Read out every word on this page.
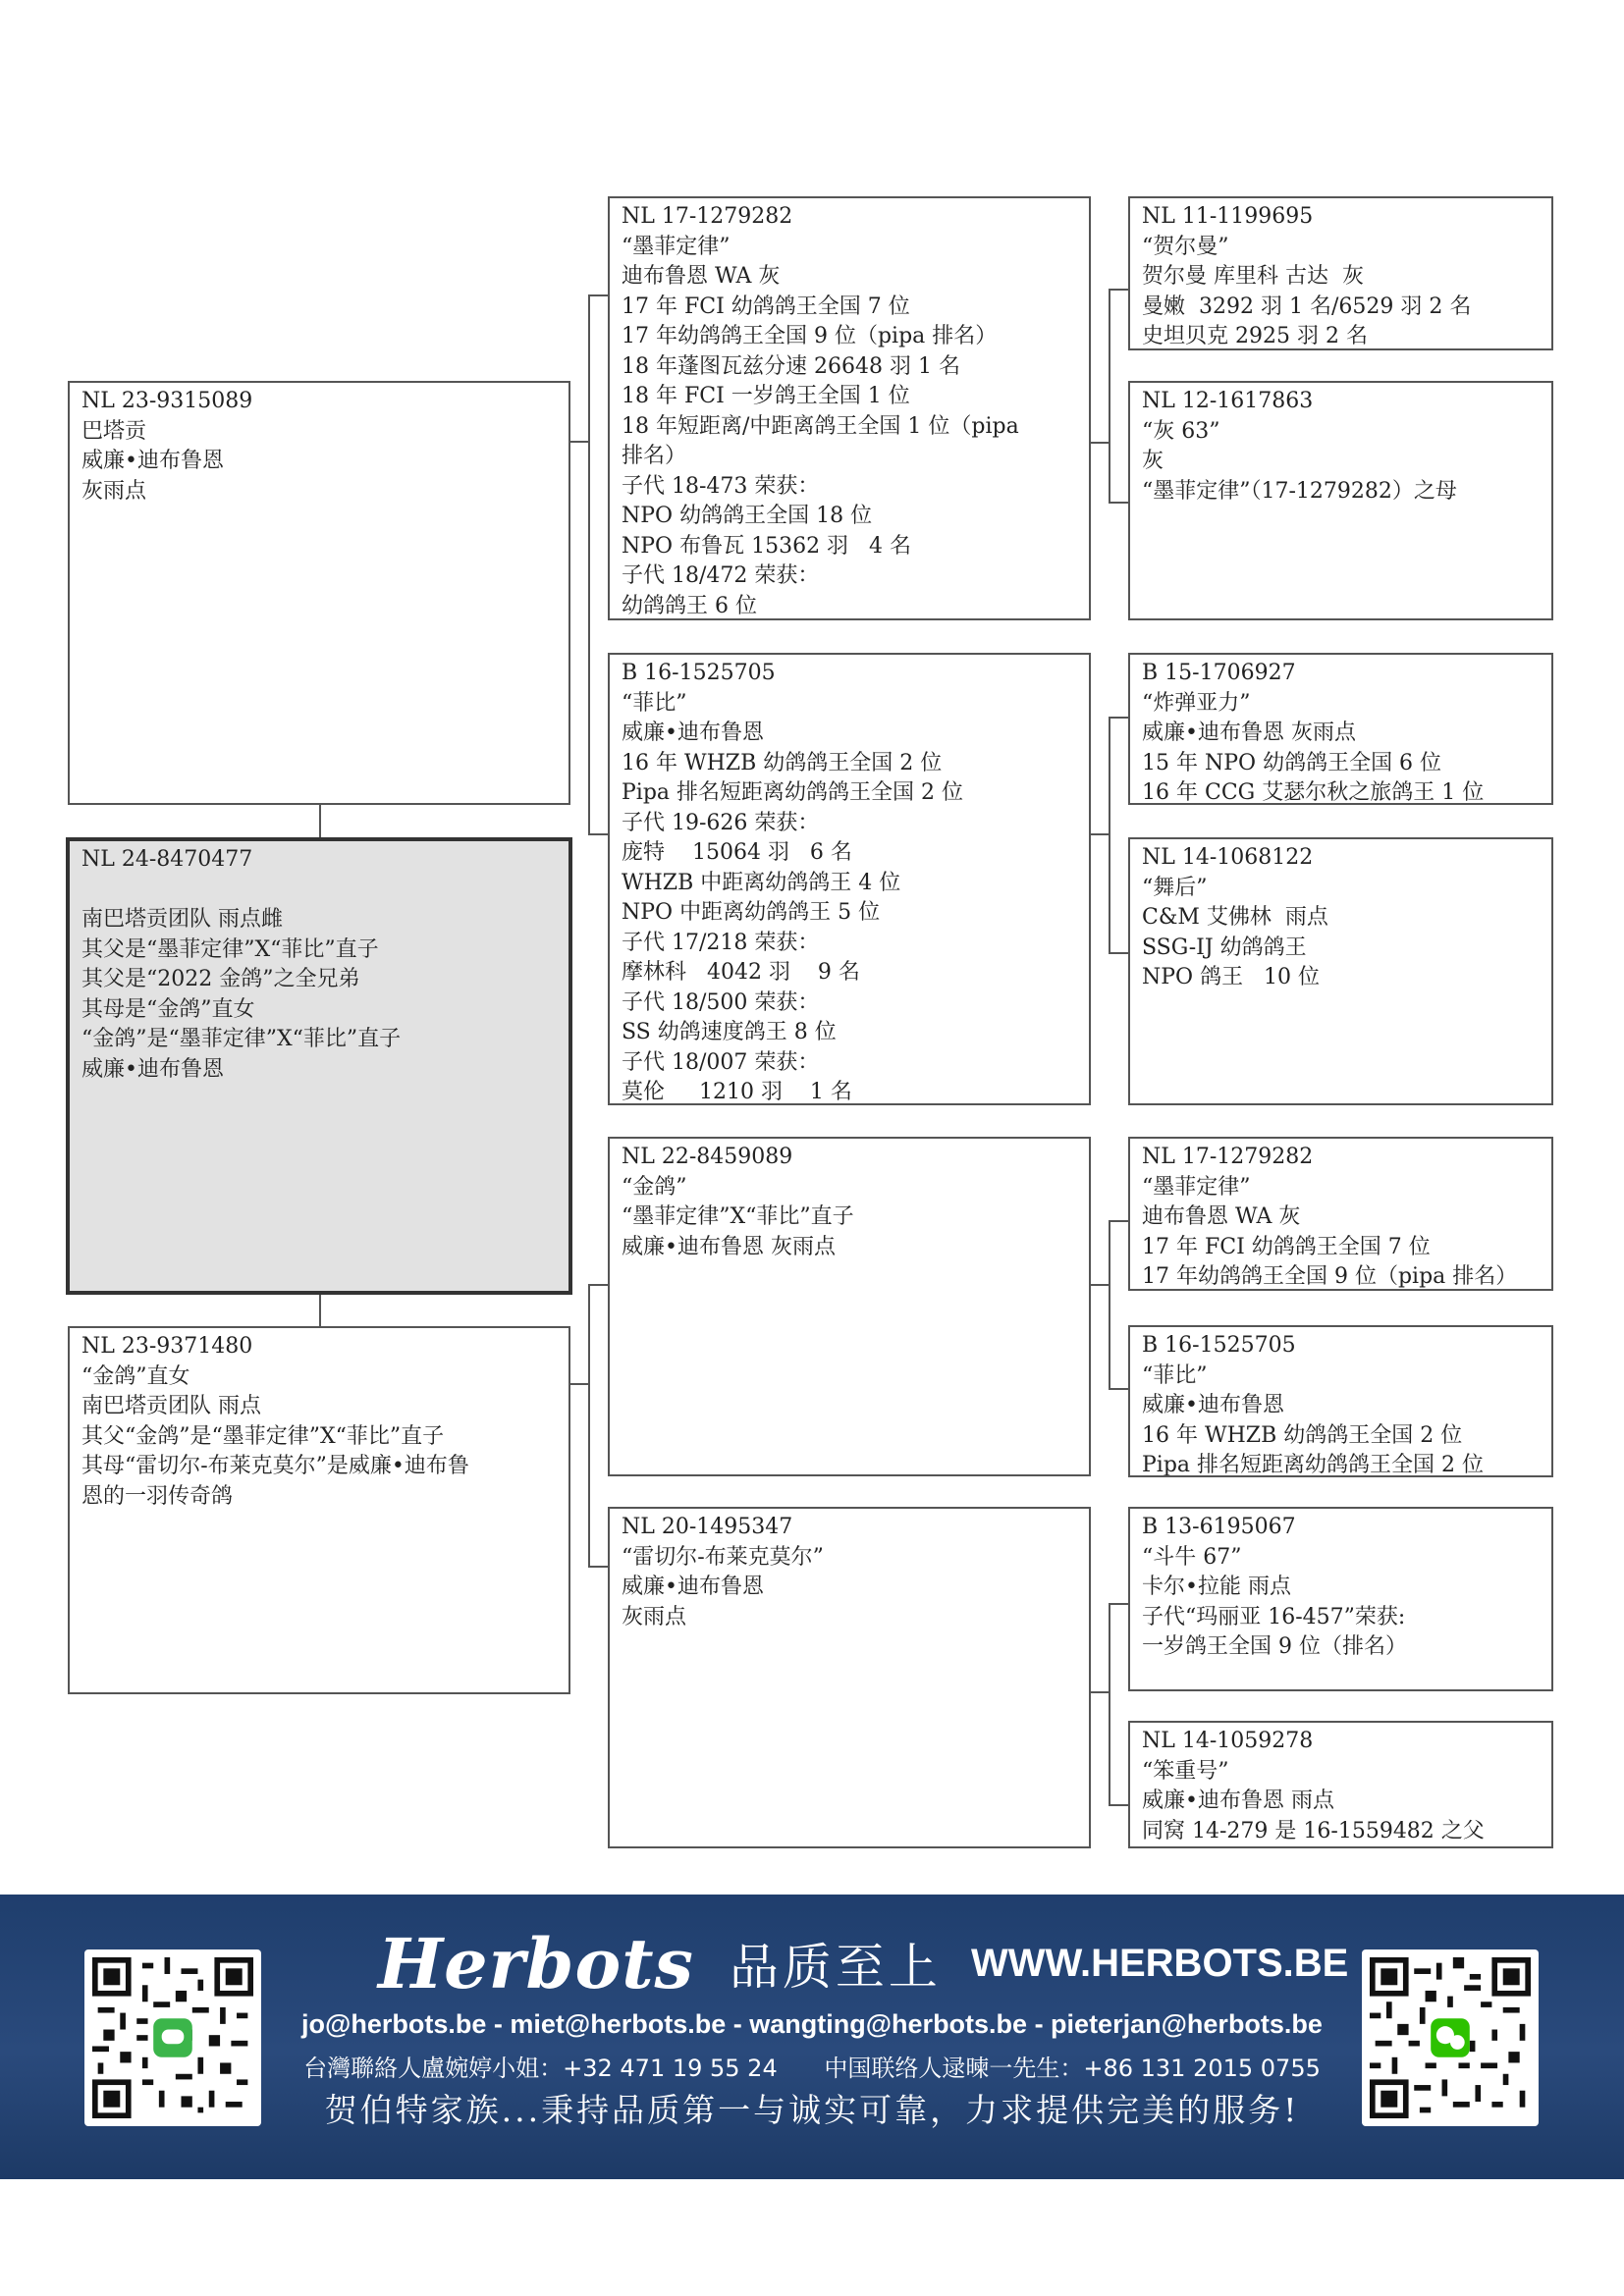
NL 23-9315089
巴塔贡
威廉•迪布鲁恩
灰雨点
NL 24-8470477
南巴塔贡团队 雨点雌
其父是“墨菲定律”X“菲比”直子
其父是“2022 金鸽”之全兄弟
其母是“金鸽”直女
“金鸽”是“墨菲定律”X“菲比”直子
威廉•迪布鲁恩
NL 23-9371480
“金鸽”直女
南巴塔贡团队 雨点
其父“金鸽”是“墨菲定律”X“菲比”直子
其母“雷切尔-布莱克莫尔”是威廉•迪布鲁
恩的一羽传奇鸽
NL 17-1279282
“墨菲定律”
迪布鲁恩 WA 灰
17 年 FCI 幼鸽鸽王全国 7 位
17 年幼鸽鸽王全国 9 位（pipa 排名）
18 年蓬图瓦兹分速 26648 羽 1 名
18 年 FCI 一岁鸽王全国 1 位
18 年短距离/中距离鸽王全国 1 位（pipa
排名）
子代 18-473 荣获：
NPO 幼鸽鸽王全国 18 位
NPO 布鲁瓦 15362 羽   4 名
子代 18/472 荣获：
幼鸽鸽王 6 位
B 16-1525705
“菲比”
威廉•迪布鲁恩
16 年 WHZB 幼鸽鸽王全国 2 位
Pipa 排名短距离幼鸽鸽王全国 2 位
子代 19-626 荣获：
庞特    15064 羽   6 名
WHZB 中距离幼鸽鸽王 4 位
NPO 中距离幼鸽鸽王 5 位
子代 17/218 荣获：
摩林科   4042 羽    9 名
子代 18/500 荣获：
SS 幼鸽速度鸽王 8 位
子代 18/007 荣获：
莫伦     1210 羽    1 名
NL 22-8459089
“金鸽”
“墨菲定律”X“菲比”直子
威廉•迪布鲁恩 灰雨点
NL 20-1495347
“雷切尔-布莱克莫尔”
威廉•迪布鲁恩
灰雨点
NL 11-1199695
“贺尔曼”
贺尔曼 库里科 古达  灰
曼嫩  3292 羽 1 名/6529 羽 2 名
史坦贝克 2925 羽 2 名
NL 12-1617863
“灰 63”
灰
“墨菲定律”（17-1279282）之母
B 15-1706927
“炸弹亚力”
威廉•迪布鲁恩 灰雨点
15 年 NPO 幼鸽鸽王全国 6 位
16 年 CCG 艾瑟尔秋之旅鸽王 1 位
NL 14-1068122
“舞后”
C&M 艾佛林  雨点
SSG-IJ 幼鸽鸽王
NPO 鸽王   10 位
NL 17-1279282
“墨菲定律”
迪布鲁恩 WA 灰
17 年 FCI 幼鸽鸽王全国 7 位
17 年幼鸽鸽王全国 9 位（pipa 排名）
B 16-1525705
“菲比”
威廉•迪布鲁恩
16 年 WHZB 幼鸽鸽王全国 2 位
Pipa 排名短距离幼鸽鸽王全国 2 位
B 13-6195067
“斗牛 67”
卡尔•拉能 雨点
子代“玛丽亚 16-457”荣获:
一岁鸽王全国 9 位（排名）
NL 14-1059278
“笨重号”
威廉•迪布鲁恩 雨点
同窝 14-279 是 16-1559482 之父
Herbots 品质至上 WWW.HERBOTS.BE
jo@herbots.be - miet@herbots.be - wangting@herbots.be - pieterjan@herbots.be
台灣聯絡人盧婉婷小姐：+32 471 19 55 24 中国联络人逯暕一先生：+86 131 2015 0755
贺伯特家族...秉持品质第一与诚实可靠，力求提供完美的服务!
